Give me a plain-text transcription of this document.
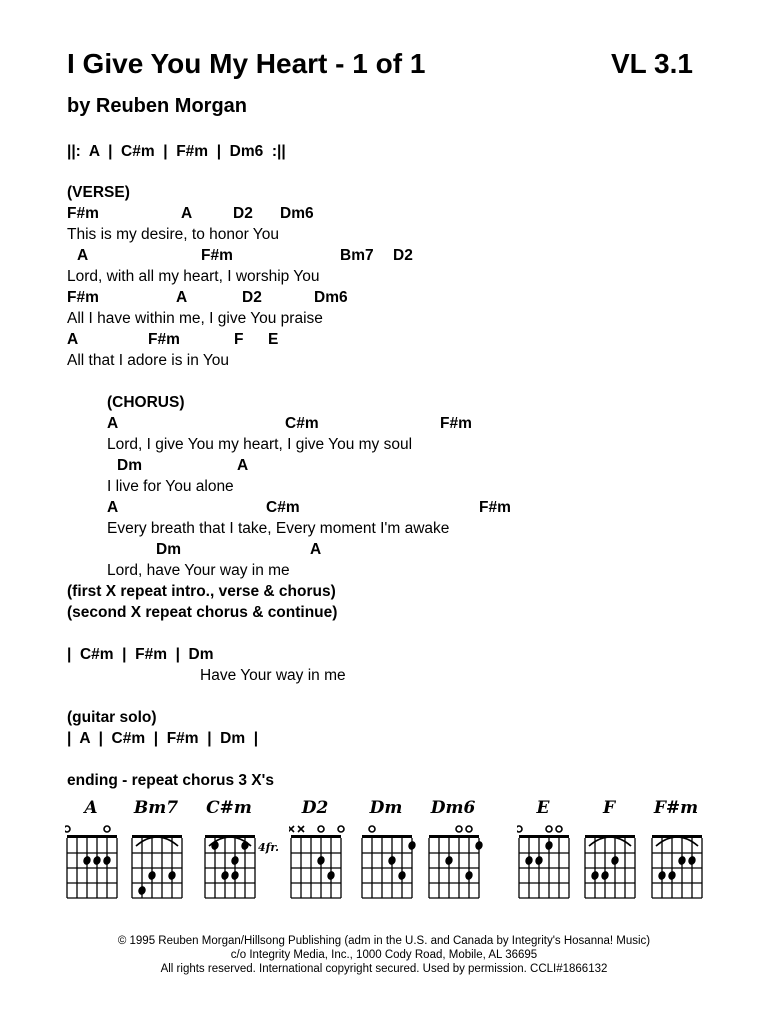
I Give You My Heart - 1 of 1	VL 3.1
by Reuben Morgan
||:  A  |  C#m  |  F#m  |  Dm6  :||
(VERSE)
F#m	A	D2 Dm6
This is my desire, to honor You
A	F#m	Bm7 D2
Lord, with all my heart, I worship You
F#m	A	D2	Dm6
All I have within me, I give You praise
A	F#m	F E
All that I adore is in You
(CHORUS)
A	C#m	F#m
Lord, I give You my heart, I give You my soul
Dm	A
I live for You alone
A	C#m	F#m
Every breath that I take, Every moment I'm awake
Dm	A
Lord, have Your way in me
(first X repeat intro., verse & chorus)
(second X repeat chorus & continue)
|  C#m  |  F#m  |  Dm
Have Your way in me
(guitar solo)
|  A  |  C#m  |  F#m  |  Dm  |
ending - repeat chorus 3 X's
A Bm7 C#m
4fr.
D2 Dm Dm6	E	F F#m
© 1995 Reuben Morgan/Hillsong Publishing (adm in the U.S. and Canada by Integrity's Hosanna! Music)
c/o Integrity Media, Inc., 1000 Cody Road, Mobile, AL 36695
All rights reserved. International copyright secured. Used by permission. CCLI#1866132
